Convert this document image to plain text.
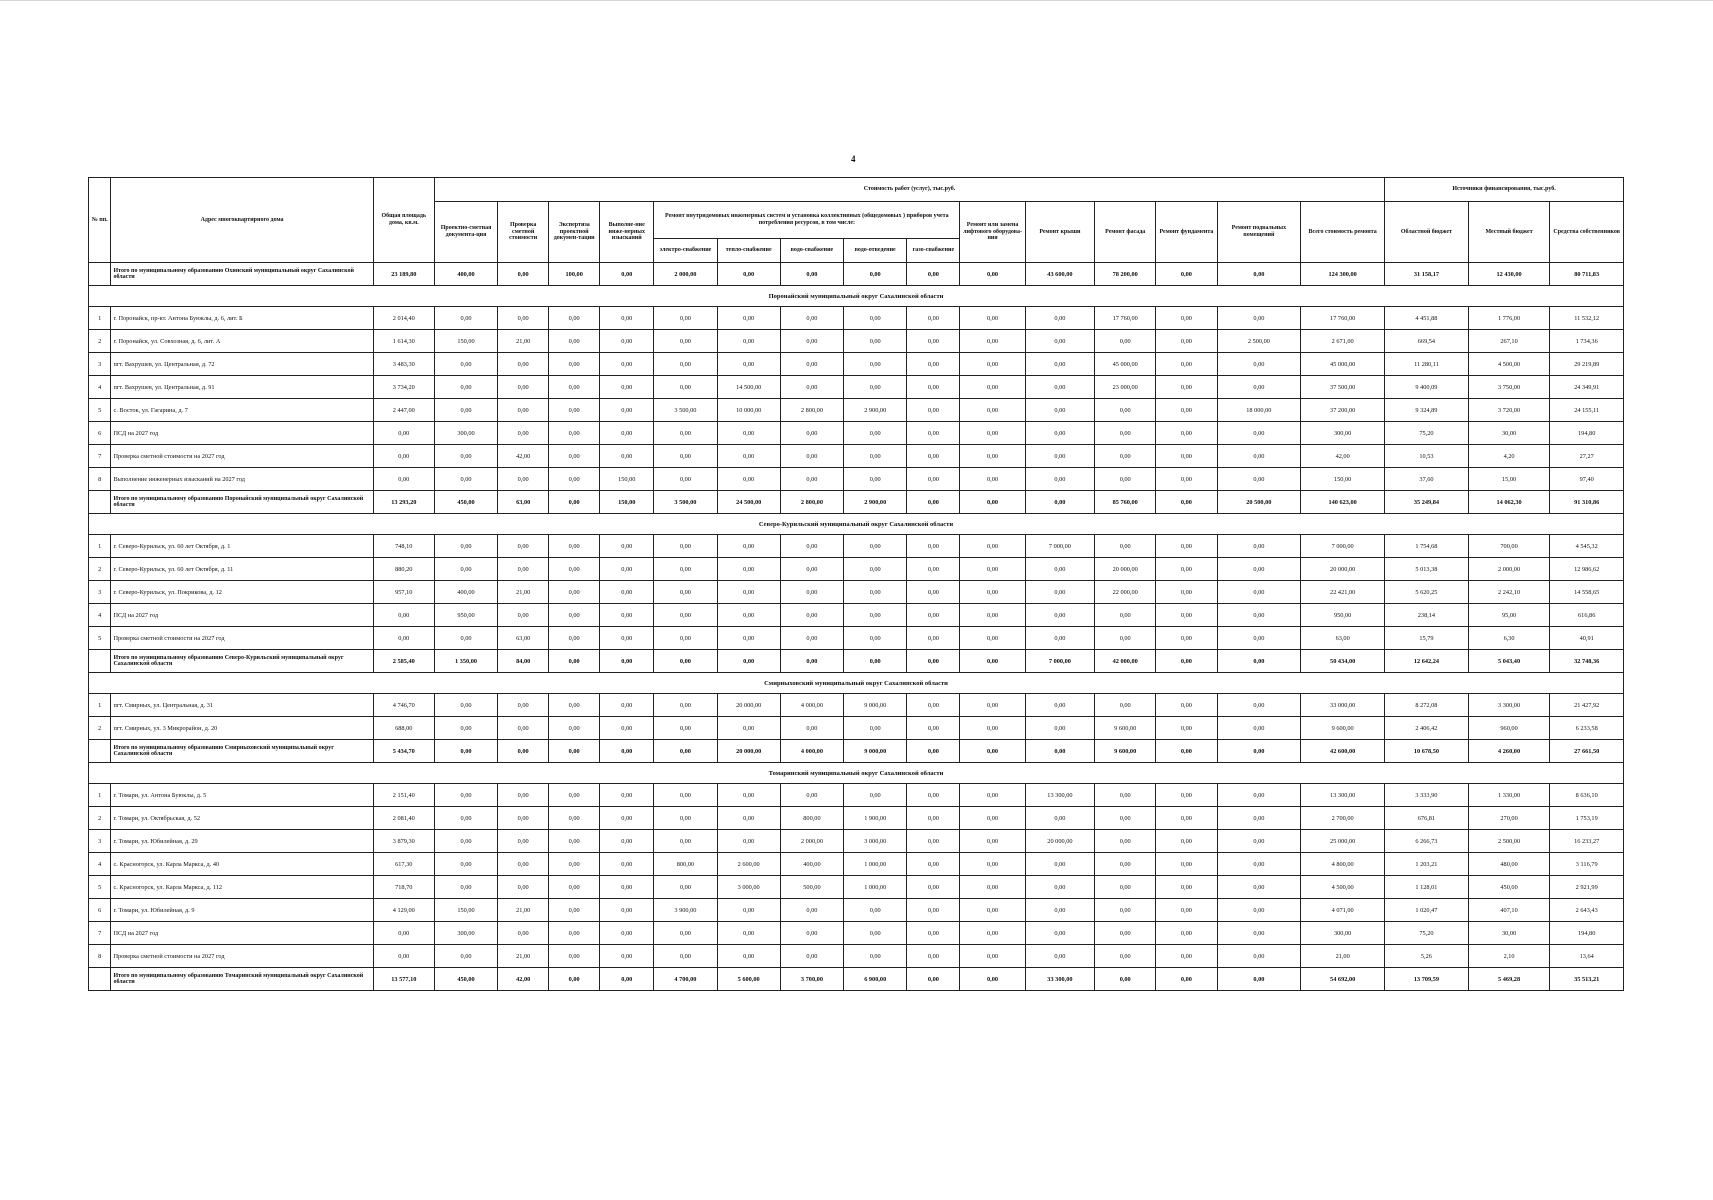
4
№ пп.	Адрес многоквартирного дома	Общая площадь дома, кв.м.	Стоимость работ (услуг), тыс.руб.															Источники финансирования, тыс.руб.		
			Проектно-сметная документа-ция	Проверка сметной стоимости	Экспертиза проектной докумен-тации	Выполне-ние инже-нерных изысканий	Ремонт внутридомовых инженерных систем и установка коллективных (общедомовых ) приборов учета потребления ресурсов, в том числе:					Ремонт или замена лифтового оборудова-ния	Ремонт крыши	Ремонт фасада	Ремонт фундамента	Ремонт подвальных помещений	Всего стоимость ремонта	Областной бюджет	Местный бюджет	Средства собственников
							электро-снабжение	тепло-снабжение	водо-снабжение	водо-отведение	газо-снабжение									
	Итого по муниципальному образованию Охинский муниципальный округ Сахалинской области	23 189,80	400,00	0,00	100,00	0,00	2 000,00	0,00	0,00	0,00	0,00	0,00	43 600,00	78 200,00	0,00	0,00	124 300,00	31 158,17	12 430,00	80 711,83
Поронайский муниципальный округ Сахалинской области																				
1	г. Поронайск, пр-кт. Антона Буюклы, д. 6, лит. Б	2 014,40	0,00	0,00	0,00	0,00	0,00	0,00	0,00	0,00	0,00	0,00	0,00	17 760,00	0,00	0,00	17 760,00	4 451,88	1 776,00	11 532,12
2	г. Поронайск, ул. Совхозная, д. 6, лит. А	1 614,30	150,00	21,00	0,00	0,00	0,00	0,00	0,00	0,00	0,00	0,00	0,00	0,00	0,00	2 500,00	2 671,00	669,54	267,10	1 734,36
3	пгт. Вахрушев, ул. Центральная, д. 72	3 483,30	0,00	0,00	0,00	0,00	0,00	0,00	0,00	0,00	0,00	0,00	0,00	45 000,00	0,00	0,00	45 000,00	11 280,11	4 500,00	29 219,89
4	пгт. Вахрушев, ул. Центральная, д. 91	3 734,20	0,00	0,00	0,00	0,00	0,00	14 500,00	0,00	0,00	0,00	0,00	0,00	23 000,00	0,00	0,00	37 500,00	9 400,09	3 750,00	24 349,91
5	с. Восток, ул. Гагарина, д. 7	2 447,00	0,00	0,00	0,00	0,00	3 500,00	10 000,00	2 800,00	2 900,00	0,00	0,00	0,00	0,00	0,00	18 000,00	37 200,00	9 324,89	3 720,00	24 155,11
6	ПСД на 2027 год	0,00	300,00	0,00	0,00	0,00	0,00	0,00	0,00	0,00	0,00	0,00	0,00	0,00	0,00	0,00	300,00	75,20	30,00	194,80
7	Проверка сметной стоимости на 2027 год	0,00	0,00	42,00	0,00	0,00	0,00	0,00	0,00	0,00	0,00	0,00	0,00	0,00	0,00	0,00	42,00	10,53	4,20	27,27
8	Выполнение инженерных изысканий на 2027 год	0,00	0,00	0,00	0,00	150,00	0,00	0,00	0,00	0,00	0,00	0,00	0,00	0,00	0,00	0,00	150,00	37,60	15,00	97,40
	Итого по муниципальному образованию Поронайский муниципальный округ Сахалинской области	13 293,20	450,00	63,00	0,00	150,00	3 500,00	24 500,00	2 800,00	2 900,00	0,00	0,00	0,00	85 760,00	0,00	20 500,00	140 623,00	35 249,84	14 062,30	91 310,86
Северо-Курильский муниципальный округ Сахалинской области																				
1	г. Северо-Курильск, ул. 60 лет Октября, д. 1	748,10	0,00	0,00	0,00	0,00	0,00	0,00	0,00	0,00	0,00	0,00	7 000,00	0,00	0,00	0,00	7 000,00	1 754,68	700,00	4 545,32
2	г. Северо-Курильск, ул. 60 лет Октября, д. 11	880,20	0,00	0,00	0,00	0,00	0,00	0,00	0,00	0,00	0,00	0,00	0,00	20 000,00	0,00	0,00	20 000,00	5 013,38	2 000,00	12 986,62
3	г. Северо-Курильск, ул. Покрикова, д. 12	957,10	400,00	21,00	0,00	0,00	0,00	0,00	0,00	0,00	0,00	0,00	0,00	22 000,00	0,00	0,00	22 421,00	5 620,25	2 242,10	14 558,65
4	ПСД на 2027 год	0,00	950,00	0,00	0,00	0,00	0,00	0,00	0,00	0,00	0,00	0,00	0,00	0,00	0,00	0,00	950,00	238,14	95,00	616,86
5	Проверка сметной стоимости на 2027 год	0,00	0,00	63,00	0,00	0,00	0,00	0,00	0,00	0,00	0,00	0,00	0,00	0,00	0,00	0,00	63,00	15,79	6,30	40,91
	Итого по муниципальному образованию Северо-Курильский муниципальный округ Сахалинской области	2 585,40	1 350,00	84,00	0,00	0,00	0,00	0,00	0,00	0,00	0,00	0,00	7 000,00	42 000,00	0,00	0,00	50 434,00	12 642,24	5 043,40	32 748,36
Смирныховский муниципальный округ Сахалинской области																				
1	пгт. Смирных, ул. Центральная, д. 31	4 746,70	0,00	0,00	0,00	0,00	0,00	20 000,00	4 000,00	9 000,00	0,00	0,00	0,00	0,00	0,00	0,00	33 000,00	8 272,08	3 300,00	21 427,92
2	пгт. Смирных, ул. 3 Микрорайон, д. 20	688,00	0,00	0,00	0,00	0,00	0,00	0,00	0,00	0,00	0,00	0,00	0,00	9 600,00	0,00	0,00	9 600,00	2 406,42	960,00	6 233,58
	Итого по муниципальному образованию Смирныховский муниципальный округ Сахалинской области	5 434,70	0,00	0,00	0,00	0,00	0,00	20 000,00	4 000,00	9 000,00	0,00	0,00	0,00	9 600,00	0,00	0,00	42 600,00	10 678,50	4 260,00	27 661,50
Томаринский муниципальный округ Сахалинской области																				
1	г. Томари, ул. Антона Буюклы, д. 5	2 151,40	0,00	0,00	0,00	0,00	0,00	0,00	0,00	0,00	0,00	0,00	13 300,00	0,00	0,00	0,00	13 300,00	3 333,90	1 330,00	8 636,10
2	г. Томари, ул. Октябрьская, д. 52	2 081,40	0,00	0,00	0,00	0,00	0,00	0,00	800,00	1 900,00	0,00	0,00	0,00	0,00	0,00	0,00	2 700,00	676,81	270,00	1 753,19
3	г. Томари, ул. Юбилейная, д. 29	3 879,30	0,00	0,00	0,00	0,00	0,00	0,00	2 000,00	3 000,00	0,00	0,00	20 000,00	0,00	0,00	0,00	25 000,00	6 266,73	2 500,00	16 233,27
4	с. Красногорск, ул. Карла Маркса, д. 40	617,30	0,00	0,00	0,00	0,00	800,00	2 600,00	400,00	1 000,00	0,00	0,00	0,00	0,00	0,00	0,00	4 800,00	1 203,21	480,00	3 116,79
5	с. Красногорск, ул. Карла Маркса, д. 112	718,70	0,00	0,00	0,00	0,00	0,00	3 000,00	500,00	1 000,00	0,00	0,00	0,00	0,00	0,00	0,00	4 500,00	1 128,01	450,00	2 921,99
6	г. Томари, ул. Юбилейная, д. 9	4 129,00	150,00	21,00	0,00	0,00	3 900,00	0,00	0,00	0,00	0,00	0,00	0,00	0,00	0,00	0,00	4 071,00	1 020,47	407,10	2 643,43
7	ПСД на 2027 год	0,00	300,00	0,00	0,00	0,00	0,00	0,00	0,00	0,00	0,00	0,00	0,00	0,00	0,00	0,00	300,00	75,20	30,00	194,80
8	Проверка сметной стоимости на 2027 год	0,00	0,00	21,00	0,00	0,00	0,00	0,00	0,00	0,00	0,00	0,00	0,00	0,00	0,00	0,00	21,00	5,26	2,10	13,64
	Итого по муниципальному образованию Томаринский муниципальный округ Сахалинской области	13 577,10	450,00	42,00	0,00	0,00	4 700,00	5 600,00	3 700,00	6 900,00	0,00	0,00	33 300,00	0,00	0,00	0,00	54 692,00	13 709,59	5 469,28	35 513,21
